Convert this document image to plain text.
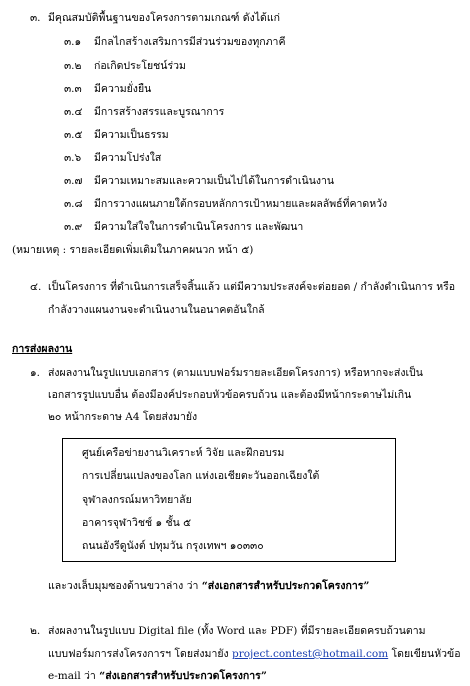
๓. มีคุณสมบัติพื้นฐานของโครงการตามเกณฑ์ ดังได้แก่
๓.๑ มีกลไกสร้างเสริมการมีส่วนร่วมของทุกภาคี
๓.๒ ก่อเกิดประโยชน์ร่วม
๓.๓ มีความยั่งยืน
๓.๔ มีการสร้างสรรและบูรณาการ
๓.๕ มีความเป็นธรรม
๓.๖ มีความโปร่งใส
๓.๗ มีความเหมาะสมและความเป็นไปได้ในการดำเนินงาน
๓.๘ มีการวางแผนภายใต้กรอบหลักการเป้าหมายและผลลัพธ์ที่คาดหวัง
๓.๙ มีความใส่ใจในการดำเนินโครงการ และพัฒนา
(หมายเหตุ : รายละเอียดเพิ่มเติมในภาคผนวก หน้า ๕)
๔. เป็นโครงการ ที่ดำเนินการเสร็จสิ้นแล้ว แต่มีความประสงค์จะต่อยอด / กำลังดำเนินการ หรือ
กำลังวางแผนงานจะดำเนินงานในอนาคตอันใกล้
การส่งผลงาน
๑. ส่งผลงานในรูปแบบเอกสาร (ตามแบบฟอร์มรายละเอียดโครงการ) หรือหากจะส่งเป็น
เอกสารรูปแบบอื่น ต้องมีองค์ประกอบหัวข้อครบถ้วน และต้องมีหน้ากระดาษไม่เกิน
๒๐ หน้ากระดาษ A4 โดยส่งมายัง
ศูนย์เครือข่ายงานวิเคราะห์ วิจัย และฝึกอบรม
การเปลี่ยนแปลงของโลก แห่งเอเชียตะวันออกเฉียงใต้
จุฬาลงกรณ์มหาวิทยาลัย
อาคารจุฬาวิชช์ ๑ ชั้น ๕
ถนนอังรีดูนังต์ ปทุมวัน กรุงเทพฯ ๑๐๓๓๐
และวงเล็บมุมซองด้านขวาล่าง ว่า “ส่งเอกสารสำหรับประกวดโครงการ”
๒. ส่งผลงานในรูปแบบ Digital file (ทั้ง Word และ PDF) ที่มีรายละเอียดครบถ้วนตาม
แบบฟอร์มการส่งโครงการฯ โดยส่งมายัง project.contest@hotmail.com โดยเขียนหัวข้อ
e-mail ว่า “ส่งเอกสารสำหรับประกวดโครงการ”
